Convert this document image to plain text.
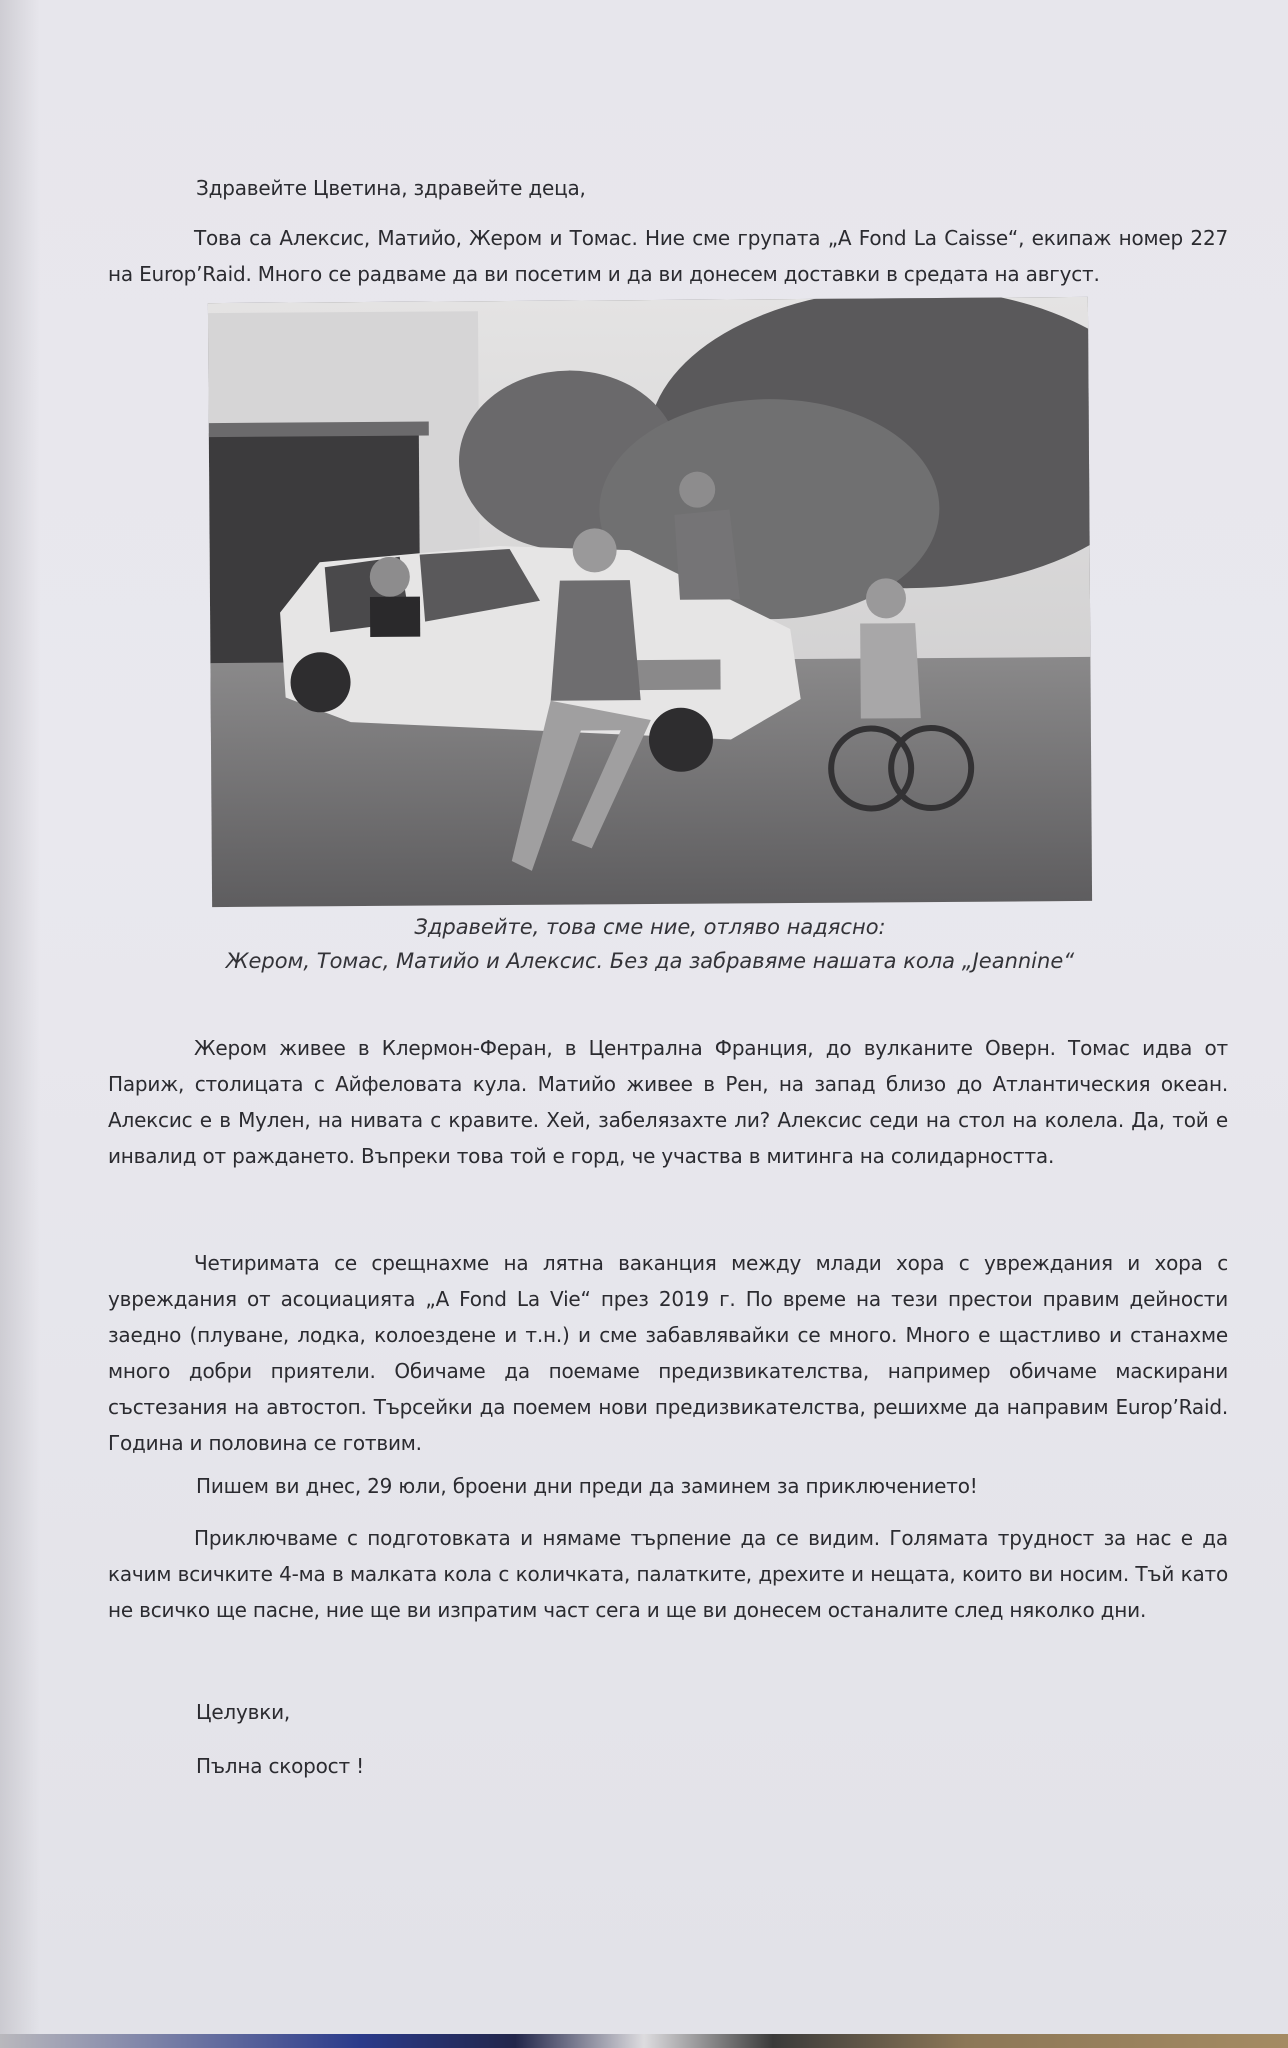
Здравейте Цветина, здравейте деца,
Това са Алексис, Матийо, Жером и Томас. Ние сме групата „A Fond La Caisse“, екипаж номер 227 на Europ’Raid. Много се радваме да ви посетим и да ви донесем доставки в средата на август.
Здравейте, това сме ние, отляво надясно:
Жером, Томас, Матийо и Алексис. Без да забравяме нашата кола „Jeannine“
Жером живее в Клермон-Феран, в Централна Франция, до вулканите Оверн. Томас идва от Париж, столицата с Айфеловата кула. Матийо живее в Рен, на запад близо до Атлантическия океан. Алексис е в Мулен, на нивата с кравите. Хей, забелязахте ли? Алексис седи на стол на колела. Да, той е инвалид от раждането. Въпреки това той е горд, че участва в митинга на солидарността.
Четиримата се срещнахме на лятна ваканция между млади хора с увреждания и хора с увреждания от асоциацията „A Fond La Vie“ през 2019 г. По време на тези престои правим дейности заедно (плуване, лодка, колоездене и т.н.) и сме забавлявайки се много. Много е щастливо и станахме много добри приятели. Обичаме да поемаме предизвикателства, например обичаме маскирани състезания на автостоп. Търсейки да поемем нови предизвикателства, решихме да направим Europ’Raid. Година и половина се готвим.
Пишем ви днес, 29 юли, броени дни преди да заминем за приключението!
Приключваме с подготовката и нямаме търпение да се видим. Голямата трудност за нас е да качим всичките 4-ма в малката кола с количката, палатките, дрехите и нещата, които ви носим. Тъй като не всичко ще пасне, ние ще ви изпратим част сега и ще ви донесем останалите след няколко дни.
Целувки,
Пълна скорост !
